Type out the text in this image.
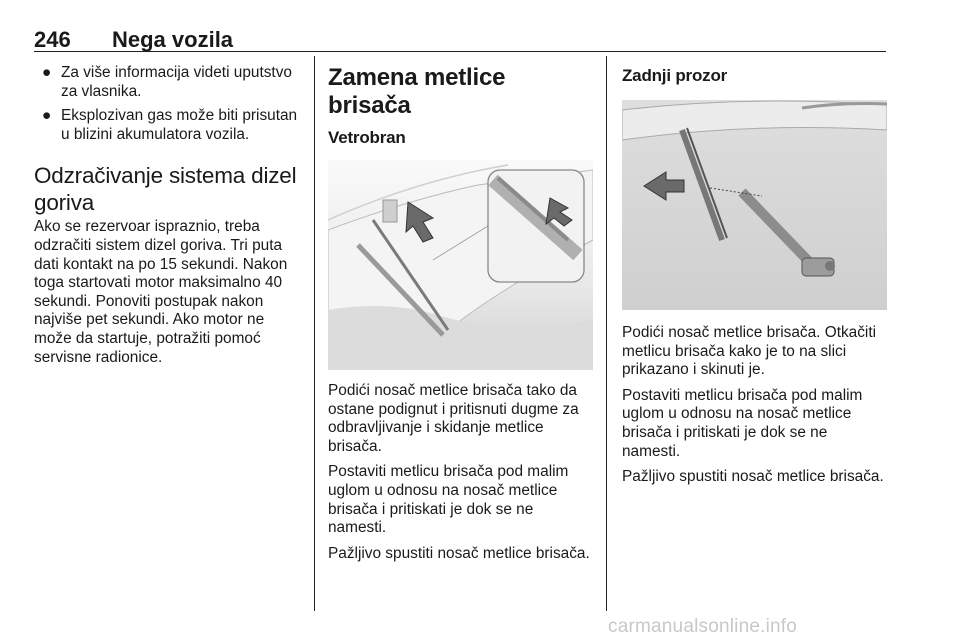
246 Nega vozila
● Za više informacija videti uputstvo za vlasnika.
● Eksplozivan gas može biti prisutan u blizini akumulatora vozila.
Odzračivanje sistema dizel goriva

Ako se rezervoar ispraznio, treba odzračiti sistem dizel goriva. Tri puta dati kontakt na po 15 sekundi. Nakon toga startovati motor maksimalno 40 sekundi. Ponoviti postupak nakon najviše pet sekundi. Ako motor ne može da startuje, potražiti pomoć servisne radionice.

Zamena metlice brisača
Vetrobran

Podići nosač metlice brisača tako da ostane podignut i pritisnuti dugme za odbravljivanje i skidanje metlice brisača.

Postaviti metlicu brisača pod malim uglom u odnosu na nosač metlice brisača i pritiskati je dok se ne namesti.

Pažljivo spustiti nosač metlice brisača.

Zadnji prozor

Podići nosač metlice brisača. Otkačiti metlicu brisača kako je to na slici prikazano i skinuti je.

Postaviti metlicu brisača pod malim uglom u odnosu na nosač metlice brisača i pritiskati je dok se ne namesti.

Pažljivo spustiti nosač metlice brisača.

carmanualsonline.info
